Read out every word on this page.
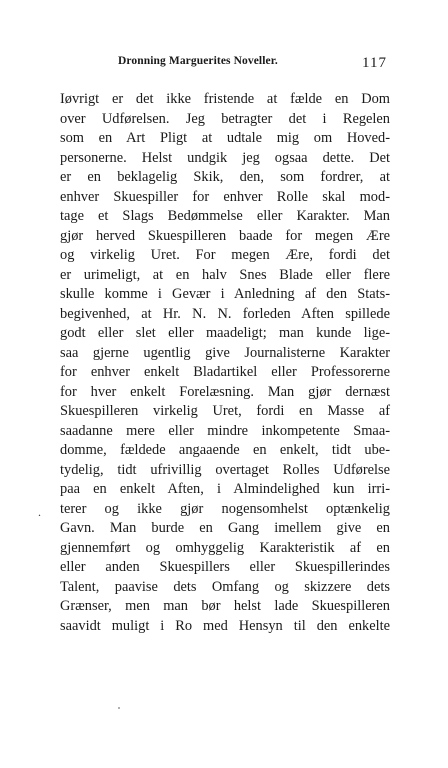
Dronning Marguerites Noveller.	117
.
Iøvrigt er det ikke fristende at fælde en Dom
over Udførelsen. Jeg betragter det i Regelen
som en Art Pligt at udtale mig om Hoved-
personerne. Helst undgik jeg ogsaa dette. Det
er en beklagelig Skik, den, som fordrer, at
enhver Skuespiller for enhver Rolle skal mod-
tage et Slags Bedømmelse eller Karakter. Man
gjør herved Skuespilleren baade for megen Ære
og virkelig Uret. For megen Ære, fordi det
er urimeligt, at en halv Snes Blade eller flere
skulle komme i Gevær i Anledning af den Stats-
begivenhed, at Hr. N. N. forleden Aften spillede
godt eller slet eller maadeligt; man kunde lige-
saa gjerne ugentlig give Journalisterne Karakter
for enhver enkelt Bladartikel eller Professorerne
for hver enkelt Forelæsning. Man gjør dernæst
Skuespilleren virkelig Uret, fordi en Masse af
saadanne mere eller mindre inkompetente Smaa-
domme, fældede angaaende en enkelt, tidt ube-
tydelig, tidt ufrivillig overtaget Rolles Udførelse
paa en enkelt Aften, i Almindelighed kun irri-
terer og ikke gjør nogensomhelst optænkelig
Gavn. Man burde en Gang imellem give en
gjennemført og omhyggelig Karakteristik af en
eller anden Skuespillers eller Skuespillerindes
Talent, paavise dets Omfang og skizzere dets
Grænser, men man bør helst lade Skuespilleren
saavidt muligt i Ro med Hensyn til den enkelte
